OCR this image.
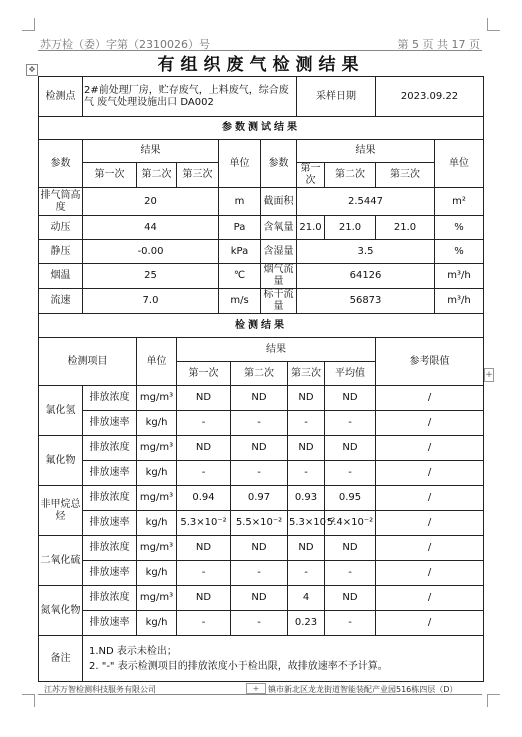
苏万检（委）字第（2310026）号	第 5 页 共 17 页
✥
+
有组织废气检测结果											
检测点	2#前处理厂房，贮存废气，上料废气，综合废气 废气处理设施出口 DA002							采样日期		2023.09.22	
参数测试结果											
参数	结果			单位		参数		结果			单位
	第一次	第二次	第三次					第一次	第二次	第三次	
排气筒高度	20			m		截面积		2.5447			m²
动压	44			Pa		含氧量		21.0	21.0	21.0	%
静压	-0.00			kPa		含湿量		3.5			%
烟温	25			℃		烟气流量		64126			m³/h
流速	7.0			m/s		标干流量		56873			m³/h
检测结果											
检测项目		单位	结果							参考限值	
			第一次		第二次		第三次		平均值		
氯化氢	排放浓度	mg/m³	ND		ND		ND		ND	/	
	排放速率	kg/h	-		-		-		-	/	
氟化物	排放浓度	mg/m³	ND		ND		ND		ND	/	
	排放速率	kg/h	-		-		-		-	/	
非甲烷总烃	排放浓度	mg/m³	0.94		0.97		0.93		0.95	/	
	排放速率	kg/h	5.3×10⁻²		5.5×10⁻²		5.3×10⁻²		5.4×10⁻²	/	
二氧化硫	排放浓度	mg/m³	ND		ND		ND		ND	/	
	排放速率	kg/h	-		-		-		-	/	
氮氧化物	排放浓度	mg/m³	ND		ND		4		ND	/	
	排放速率	kg/h	-		-		0.23		-	/	
备注	1.ND 表示未检出；
2. "-" 表示检测项目的排放浓度小于检出限，故排放速率不予计算。										
江苏万智检测科技服务有限公司	+	镇市新北区龙龙街道智能装配产业园516栋四层（D）
